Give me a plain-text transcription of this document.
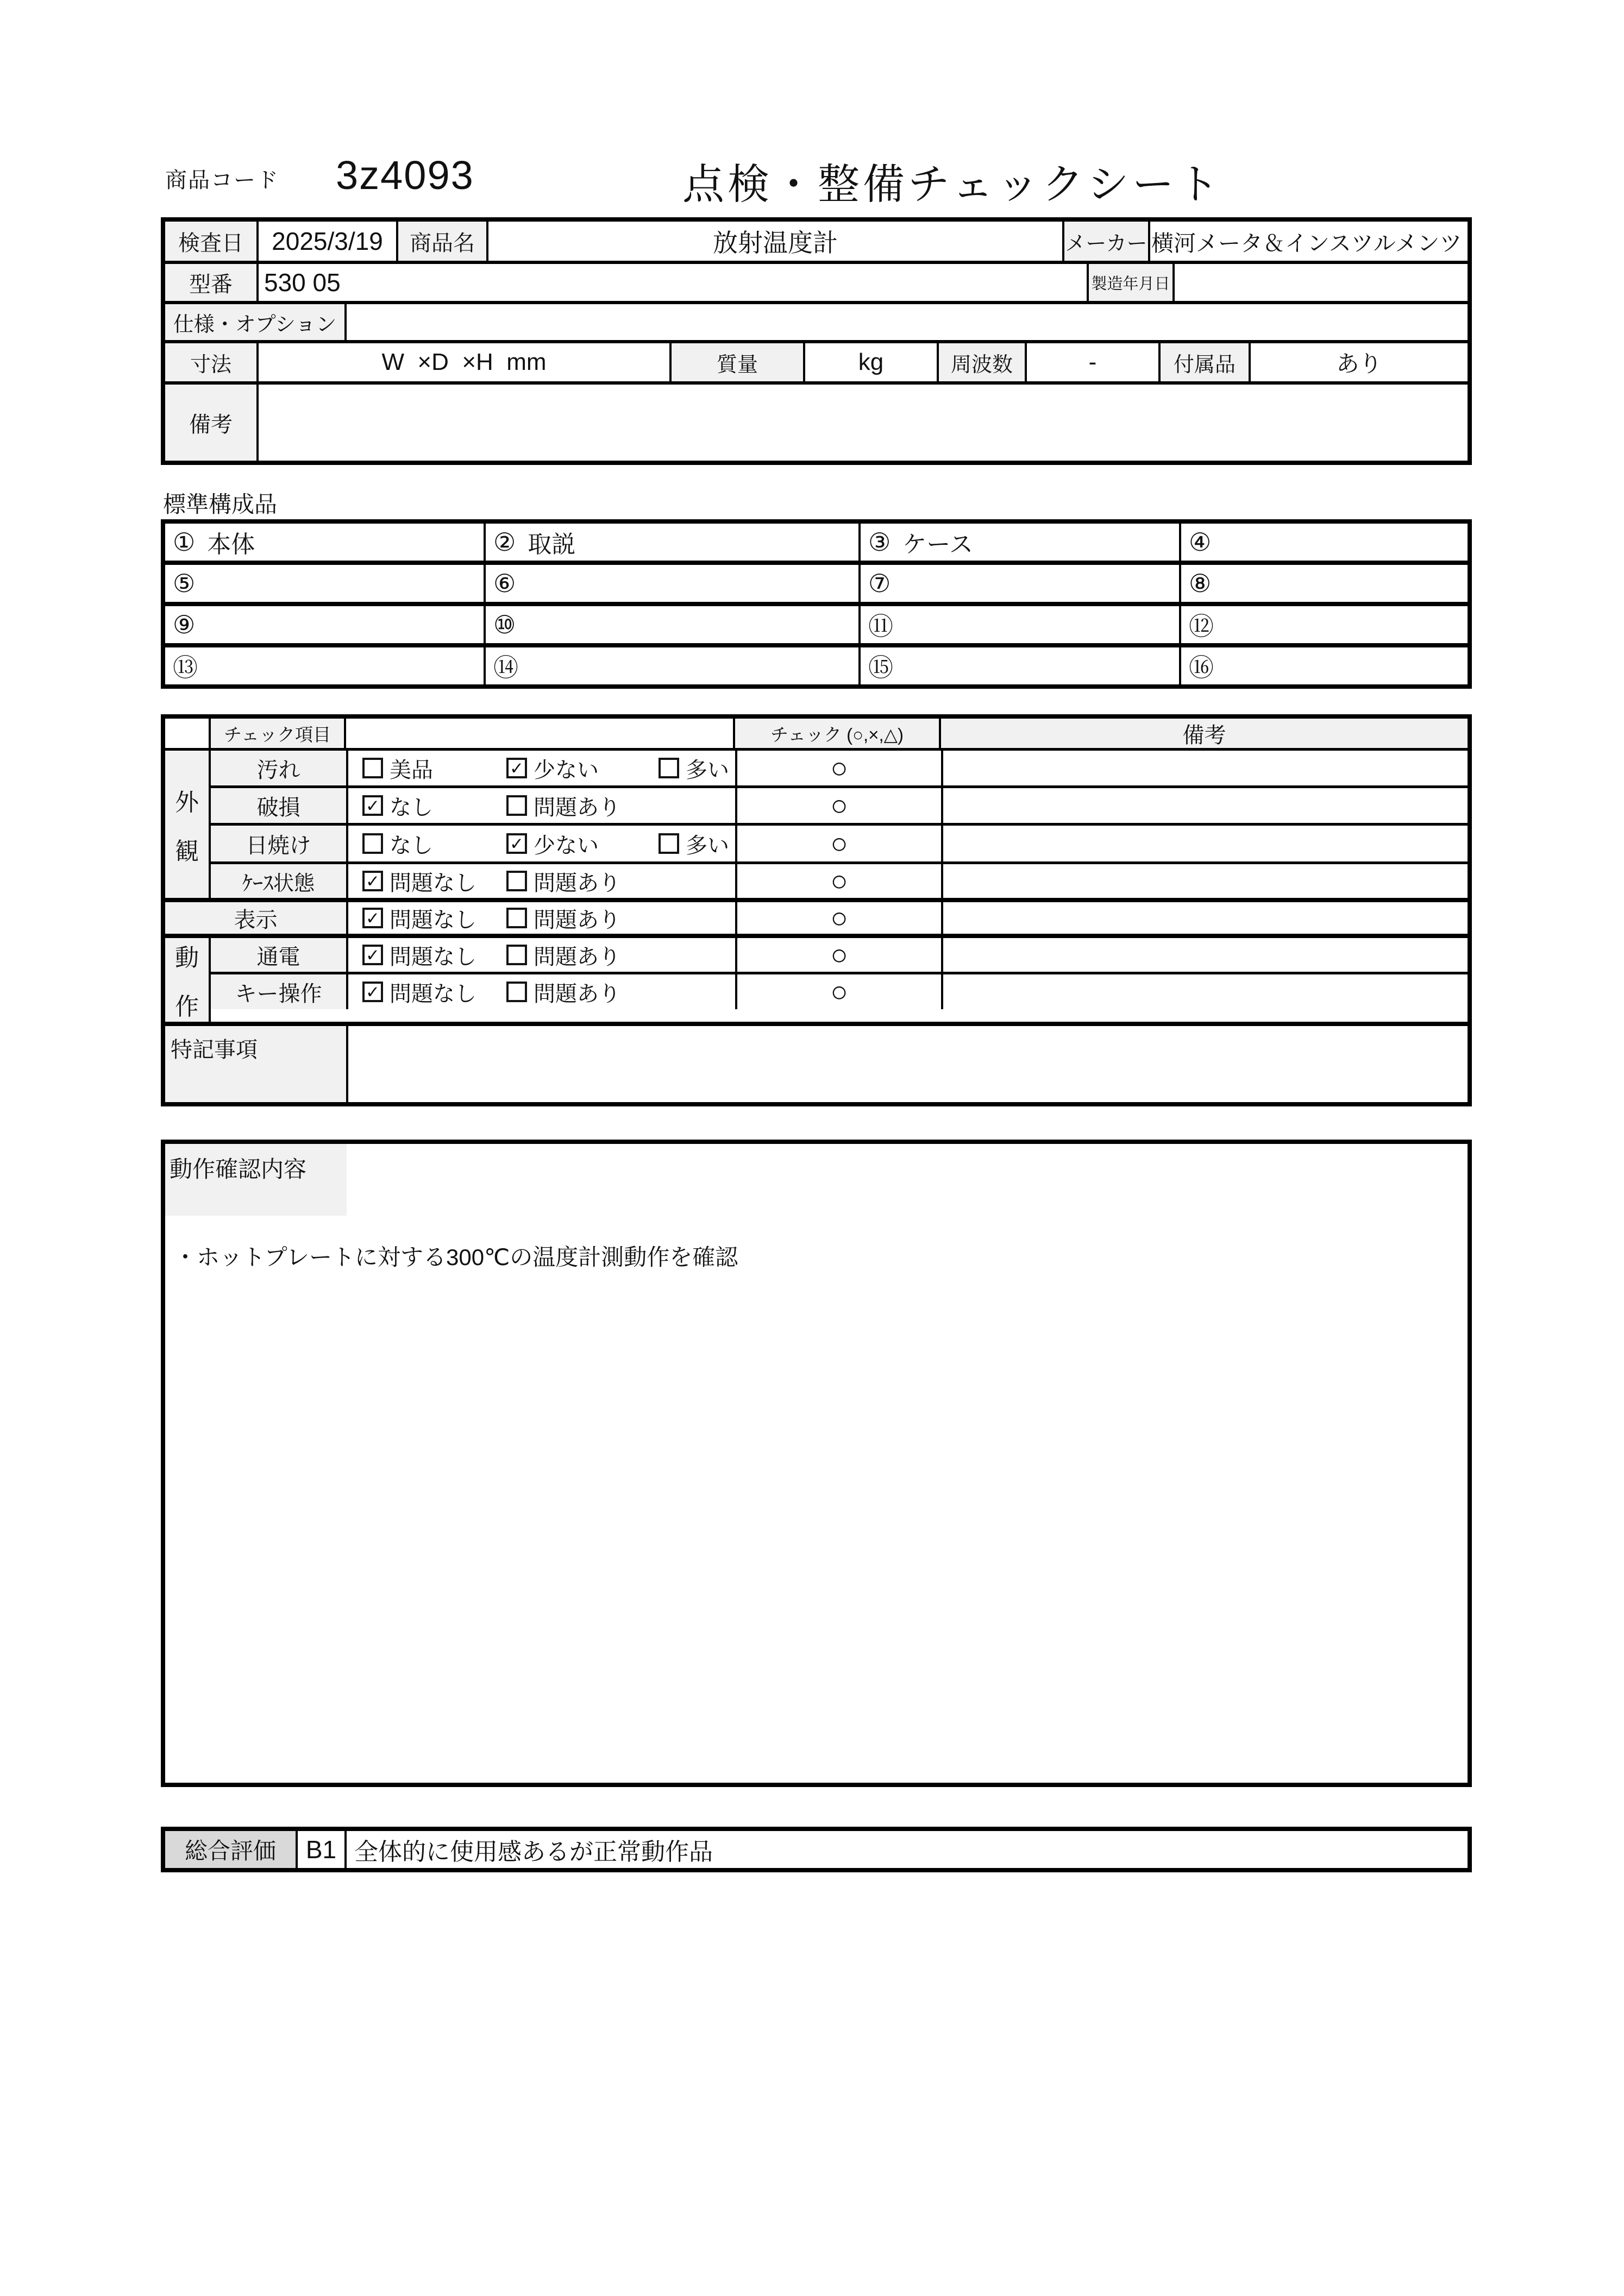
商品コード 3z4093	点検・整備チェックシート
検査日	2025/3/19	商品名	放射温度計	メーカー 横河メータ＆インスツルメンツ
型番	530 05	製造年月日
仕様・オプション
寸法	W  ×D  ×H  mm	質量	kg	周波数	-	付属品	あり
備考
標準構成品
① 本体	② 取説	③ ケース	④
⑤	⑥	⑦	⑧
⑨	⑩	⑪	⑫
⑬	⑭	⑮	⑯
チェック項目	チェック (○,×,△)	備考
外
観
汚れ	美品	✓ 少ない	多い	○
破損	✓ なし	問題あり	○
日焼け	なし	✓ 少ない	多い	○
ｹｰｽ状態	✓ 問題なし	問題あり	○
表示	✓ 問題なし	問題あり	○
動
作
通電	✓ 問題なし	問題あり	○
キー操作	✓ 問題なし	問題あり	○
特記事項
動作確認内容
・ホットプレートに対する300℃の温度計測動作を確認
総合評価	B1 全体的に使用感あるが正常動作品
